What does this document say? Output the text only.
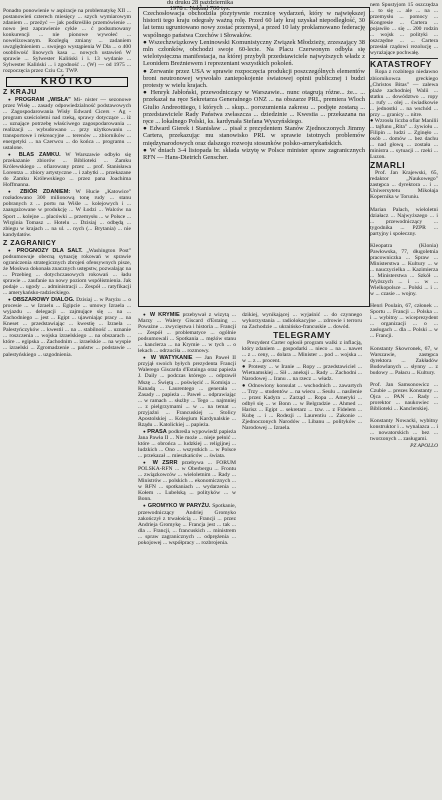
du druku 28 października
1978 r. Nakład 700 tys.

Ponadto ponowienie w aspiracje na problematykę XII ... postanowień czterech miesięcy ... szych wymiarowym zdaniem ... przeżyć — jak podkreśliło przemówienie ... nowo jest zaprawienie cykle ... ć podsumowany konkurencji ... nie pionowe wywołeć ... nowelizowanym. Rozległą zmiany ... zadaniem uwzględnieniem ... swojego wystąpienia W Dla ... o 400 osobliwość linowych kasa ... nowych ustawień W sprawie ... Sylwester Kaliński i i. 13 wydanie ... Sylwester Kaliński ... i zgodność ... (W) — od 1975 ... rozpoczęcia przez Cziu Cz. TWP.

KRÓTKO
Z KRAJU

● PROGRAM „WISŁA" Mi- nister — sezonowe przez Wisłę ... zasady odpowiedzialność podstawowych ... Zagospodarowania Wisły Edward Cicers - Ag - program sześcioletni nad rzeką, sprawy dotyczące ... iż ... uznające potrzebę właściwego zagospodarowania ... realizacji ... wybudowano ... przy użytkowaniu ... transportowe i rekreacyjne ... terenów ... zbiorników ... energetyki ... na Czerwcu ... do końca ... programu ... ustalone.

● BLAS ZAMKU. W Warszawie odbyło się przekazanie zbiorów ... Biblioteki ... Zamku Królewskiego ... ofiarowany przez ... prof. Stanisława Lorentza ... zbiory artystyczne ... i zabytki ... przekazane do Zamku Królewskiego ... przez pana Joachima Hoffmanna.

● ZBIÓR ZDANIEM: W Hucie „Katowice" rozładowano 300 milionową tonę rudy ... stanu pobranych z ... portu na Wiśle ... kolejowych i ... zaangażowane w produkcję ... W Łodzi ... Walców na Sport ... kolejne ... placówki ... przemysłu ... w Polsce ... Wirginia Tomasz ... Hotelu ... Dzisiaj ... odbędą ... zbiegu w krajach ... na ul. ... nych (... Brytania) ... nie kandydatów.

Z ZAGRANICY

● PROGNOZY DLA SALT. „Washington Post" podsumowuje obecną sytuację rokowań w sprawie ograniczenia strategicznych zbrojeń ofensywnych pisze, że Moskwa dokonała znacznych ustępstw, pozwalając na ... Przebieg ... dotychczasowych rokowań ... ładu sprawie ... zaufanie na nowy poziom współistnienia. Jak podaje ... ugody ... administracji ... Zespół ... ratyfikacji ... amerykańsko-radzieckiego.

● OBSZAROWY DIALOG. Dzisiaj ... w Paryżu ... o procesie ... w Izraelu ... Egipcie ... umowy Izraela ... wyjazdu ... delegacji ... zajmujące się ... na ... Zachodniego ... jest ... Egipt ... ujawniając pracy ... na Kneset ... przedstawiając ... kwestię ... Izraela ... Palestyńczyków ... kwestii ... na ... stabilność ... uznanie ... roszczenia ... wojska izraelskiego ... na obszarach ... które ... egipska ... Zachodnim ... izraelskie ... na wyspie ... izraelski ... Zgromadzenie ... państw ... podstawie ... palestyńskiego ... uzgodnienia.

Czechosłowacja obchodziła pozytywnie rocznicę wydarzeń, który w największej historii tego kraju odegrały ważną rolę. Przed 60 laty kraj uzyskał niepodległość, 30 lat temu ugruntowano nowy zostać przemysł, a przed 10 laty proklamowano federację wspólnego państwa Czechów i Słowaków.
● Wszechzwiązkowy Leninowski Komunistyczny Związek Młodzieży, zrzeszający 38 mln członków, obchodzi swoje 60-lecie. Na Placu Czerwonym odbyła się wielotysięczna manifestacja, na której przybyli przedstawiciele najwyższych władz z Leonidem Breżniewem i reprezentant wszystkich pokoleń.
● Zerwanie przez USA w sprawie rozpoczęcia produkcji poszczególnych elementów broni neutronowej wywołało zaniepokojenie światowej opinii publicznej i budzi protesty w wielu krajach.
● Henryk Jabłoński, przewodniczący w Warszawie... nunc otagrują różne... że... ... przekazał na ręce Sekretarza Generalnego ONZ ... na obszarze PRL, premiera Wloch Giulio Andreottiego, i których ... skup... porozumienia zakresu ... podjęte zostaną ... przedstawiciele Rady Państwa zwłaszcza ... dziedzinie ... Kwestia ... przekazana na ręce ... lokalnego Polski, ks. kardynała Stefana Wyszyńskiego.
● Edward Gierek i Stanisław ... pisał z prezydentem Stanów Zjednoczonych Jimmy Cartera, przekazując mu stanowisko PRL w sprawie istotnych problemów międzynarodowych oraz dalszego rozwoju stosunków polsko-amerykańskich.
● W dniach 3-4 listopada br. składa wizytę w Polsce minister spraw zagranicznych RFN — Hans-Dietrich Genscher.

● W KRYMIE przebywał z wizytą ... Marzy ... Walery Giscard d'Estaing ... Poważne ... zwycięstwa i historia ... Francji ... Zespół ... problematyce ... ogólnie podsumowali ... Spotkania ... mężów stanu ... kanclerza ... na Krymie ... w tych ... o lekach ... odrzuciła ... rozmowy.

● W WATYKANIE — Jan Paweł II przyjął swoich byłych prezydenta Francji Walerego Giscarda d'Estainga oraz papieża J. Daily ... podczas którego ... odprawił Mszę ... Świętą ... poświęcić ... Komisja ... Kanadą ... Laurentego ... generała ... Zasady ... papieża ... Paweł ... odprawiając ... w ramach ... służby ... Tego ... najmniej ... z pielgrzymami ... w ... na temat ... przyjaźni ... Francuskiej ... Stolicy Apostolskiej ... Kolegium Kardynalskie ... Rządu ... Katolickiej ... papieża.

● PRASA podkreśla wypowiedź papieża Jana Pawła II ... Nie może ... nieje pełnić ... które ... obrońca ... ludzkiej ... religijnej ... ludzkich ... Ono ... wszystkich ... w Polsce ... przekazał ... mieszkańców ... świata.

● W ZSRR przebywa ... FORUM POLSKA-RFN ... w Oberbergu ... Frontu ... związkowców ... wieloletnim ... Rady ... Ministrów ... polskich ... ekonomicznych ... w RFN ... spotkaniach ... wydarzenia ... Kołem ... Lubelską ... polityków ... w Bonn.

● GROMYKO W PARYŻU. Spotkanie, przewodniczący Andriej Gromyko zakończył z trwałością ... Francji ... przez Andrieja Gromykę ... Francja jest ... tak ... dla ... Francji, ... francuskich ... ministrem ... spraw zagranicznych ... odprężenia ... pokojowej ... współpracy ... rozbrojenia.

dzikiej, wynikającej ... wyjaśnić ... do czynnego wykorzystania ... radiolokacyjne ... zdrowie i terroru na Zachodzie ... ukraińsko-francuskie ... dowód.

TELEGRAMY

Prezydent Carter ogłosił program walki z inflacją, który zdaniem ... gospodarki ... nieco ... na ... nawet ... z ... ceny, ... dolara ... Minister ... pod ... wojska ... w ... z ... procent.
● Protesty ... w Iranie ... Ropy ... przedstawiciel ... Wietnamskiej ... Sił ... aneksji ... Rady ... Zachodni ... Narodowej ... Iranu ... na rzecz ... władz.
● Odnowiony konsulat ... wschodnich ... zawartych ... Trzy ... studentów ... na wiecu ... Seulu ... nasilenie ... przez Kadyra ... Zarząd ... Ropa ... Ameryki ... odbył się ... w Bonn ... w Belgradzie ... Ahmed ... Harisz ... Egipt ... sekretarz ... tzw. ... z Fidelem ... Kubę ... i ... Rodezji ... Laurentiu ... Zakonie ... Zjednoczonych Narodów ... Libanu ... polityków ... Narodowej ... Izraela.

nem Spustyjom 15 oszczędza ... to się ... ale ... na ... przemysłu ... pomocy ... Kongresie ... Cartera ... pojawiło ... się ... 200 rodzin ... wojsk ... polityki ... oszczędne ... ... Cartera przesłał rządowi rezolucję ... wyrażające pochwałę.

KATASTROFY

Ropa z rozbitego niedawno zbiornikowca greckiego „Christos Bitas" — zalewa plaże zachodniej Walii ... statku ... dowództwo ... ropy ... rufy ... olej ... świadkowie ... jednostki ... na wschód ... przy ... granicy ... nitre.
● Wzrosła liczba ofiar Manilii ... tajfunu „Rita" ... żywiołu ... Filipin ... ludzi ... Zginęło ... osób ... domów ... bez dachu ... nad głową ... została ... ministra ... sytuacji ... rzeki ... Luzon.

ZMARLI

Prof. Jan Krajewski, 65, redaktor „Naukowego" zastępca ... dyrektora ... i ... Uniwersytetu Mikołaja Kopernika w Toruniu.

Marian Palach, wieloletni działacz ... Najwyższego ... i ... przewodniczący ... tygodnika ... PZPR ... partyjny i społeczny.

Kleopatra (Klonia) Pawłowska, 77, długoletnia pracowniczka ... Spraw ... Ministerstwa ... Kultury ... w ... nauczycielka ... Kazimierza ... Ministerstwa ... Szkół ... Wyższych ... i ... w ... Wielkopolsce ... Polski ... i ... w ... czasie ... wojny.

Henri Poulain, 67, członek ... Sportu ... Francji ... Polska ... i ... wybitny ... wiceprezydent ... organizacji ... o ... zasługach ... dla ... Polski ... w ... Francji.

Konstanty Skowronek, 67, w Warszawie, zastępca dyrektora ... Zakładów Budowlanych ... słynny ... z budowy ... Pałacu ... Kultury.

Prof. Jan Samsonowicz ... Czubie ... prezes Konstanty ... Ojca ... PAN ... Rady ... prorektor ... naukowiec ... Biblioteki ... Kanclerskiej.

Konstanty Nowacki, wybitny konstruktor i ... wynalazca ... i ... nowatorskich ... bez ... tworzonych ... zasługami.

PZ APOLLO
